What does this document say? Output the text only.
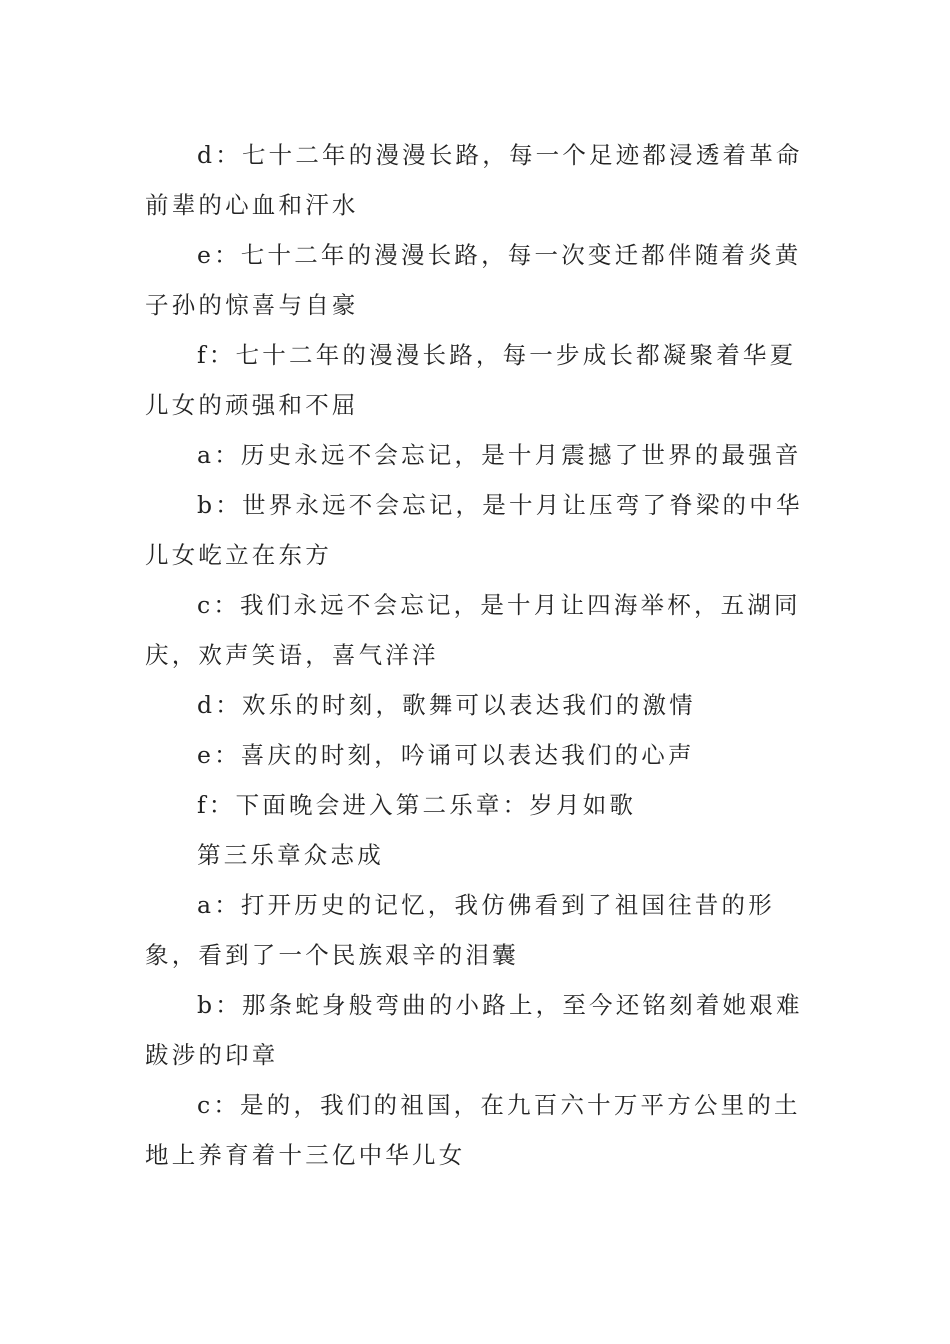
d：七十二年的漫漫长路，每一个足迹都浸透着革命前辈的心血和汗水

e：七十二年的漫漫长路，每一次变迁都伴随着炎黄子孙的惊喜与自豪

f：七十二年的漫漫长路，每一步成长都凝聚着华夏儿女的顽强和不屈

a：历史永远不会忘记，是十月震撼了世界的最强音

b：世界永远不会忘记，是十月让压弯了脊梁的中华儿女屹立在东方

c：我们永远不会忘记，是十月让四海举杯，五湖同庆，欢声笑语，喜气洋洋

d：欢乐的时刻，歌舞可以表达我们的激情

e：喜庆的时刻，吟诵可以表达我们的心声

f：下面晚会进入第二乐章：岁月如歌

第三乐章众志成

a：打开历史的记忆，我仿佛看到了祖国往昔的形象，看到了一个民族艰辛的泪囊

b：那条蛇身般弯曲的小路上，至今还铭刻着她艰难跋涉的印章

c：是的，我们的祖国，在九百六十万平方公里的土地上养育着十三亿中华儿女
